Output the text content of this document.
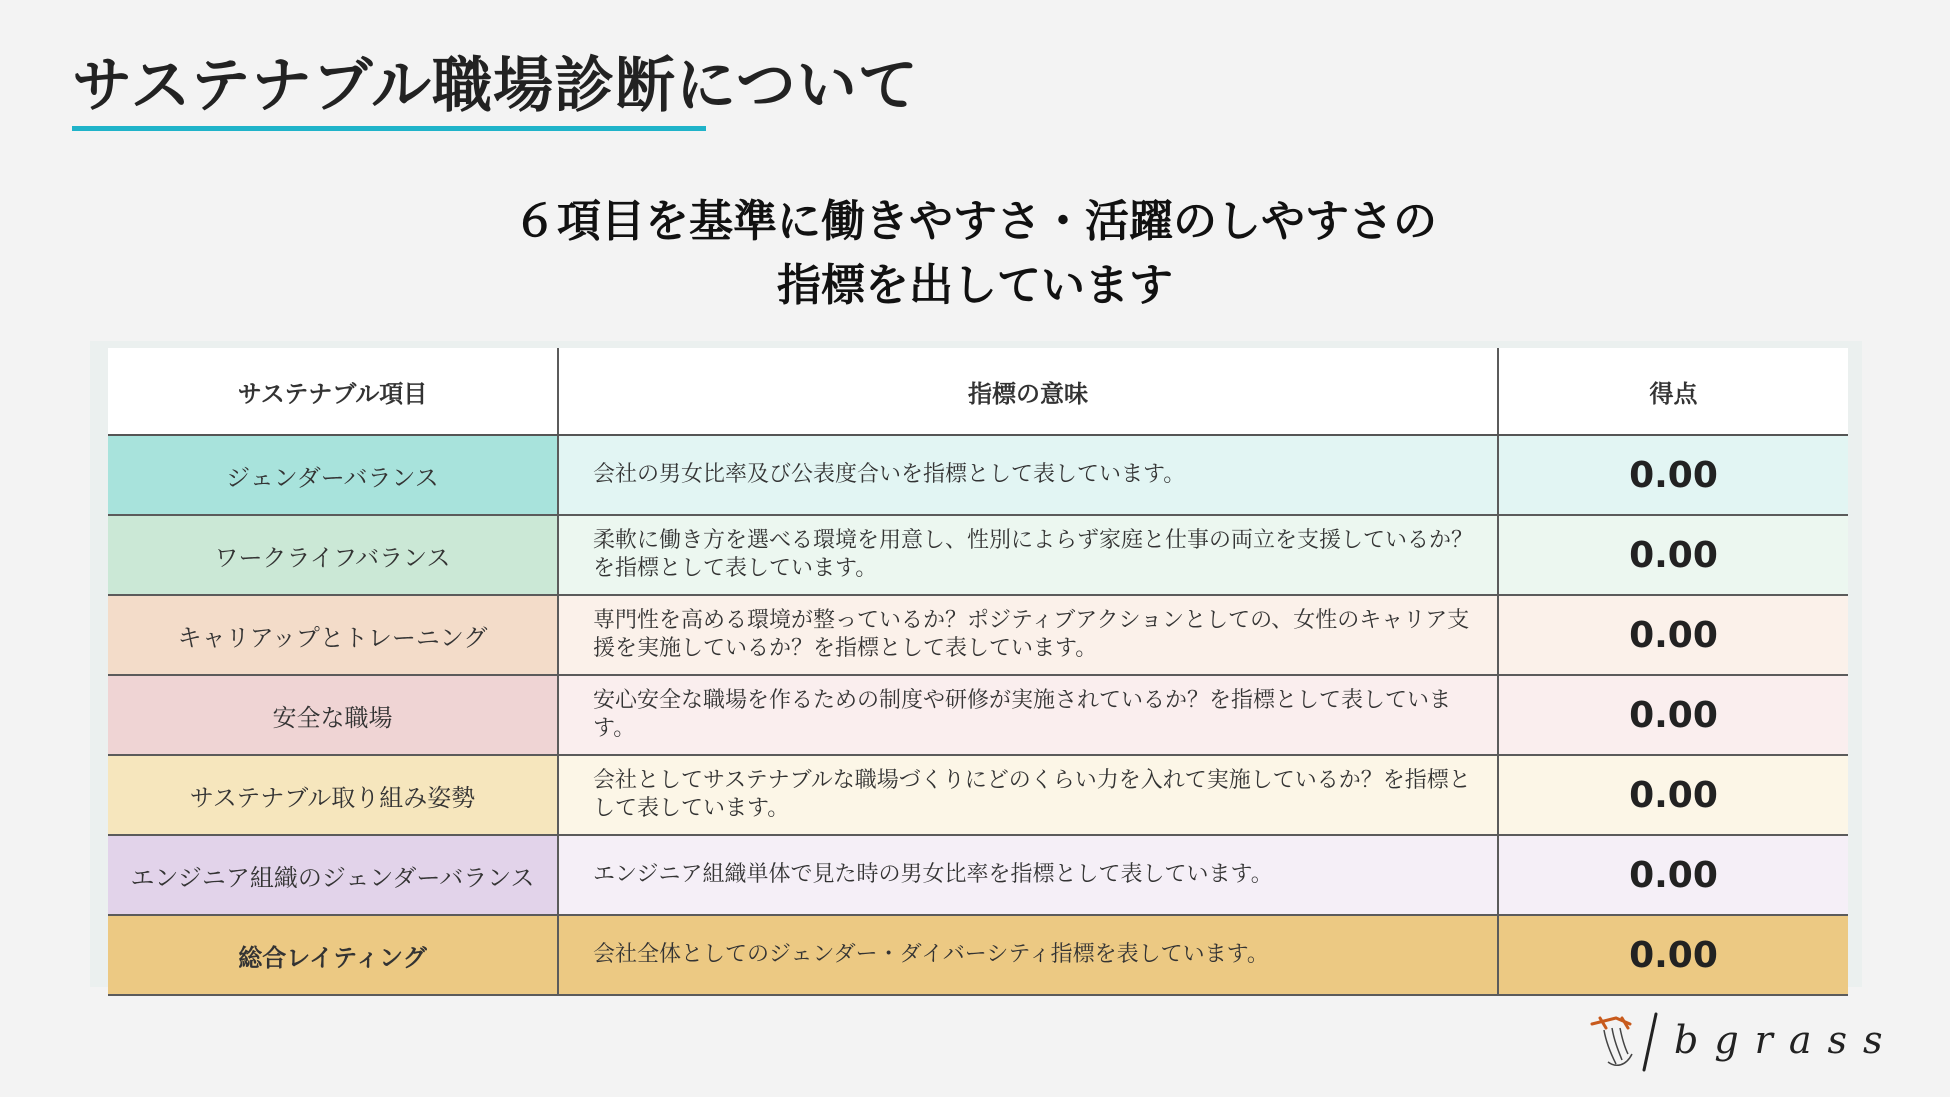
サステナブル職場診断について
６項目を基準に働きやすさ・活躍のしやすさの
指標を出しています
サステナブル項目	指標の意味	得点
ジェンダーバランス	会社の男女比率及び公表度合いを指標として表しています。	0.00
ワークライフバランス	柔軟に働き方を選べる環境を用意し、性別によらず家庭と仕事の両立を支援しているか？を指標として表しています。	0.00
キャリアップとトレーニング	専門性を高める環境が整っているか？ポジティブアクションとしての、女性のキャリア支援を実施しているか？を指標として表しています。	0.00
安全な職場	安心安全な職場を作るための制度や研修が実施されているか？を指標として表しています。	0.00
サステナブル取り組み姿勢	会社としてサステナブルな職場づくりにどのくらい力を入れて実施しているか？を指標として表しています。	0.00
エンジニア組織のジェンダーバランス	エンジニア組織単体で見た時の男女比率を指標として表しています。	0.00
総合レイティング	会社全体としてのジェンダー・ダイバーシティ指標を表しています。	0.00
bgrass
